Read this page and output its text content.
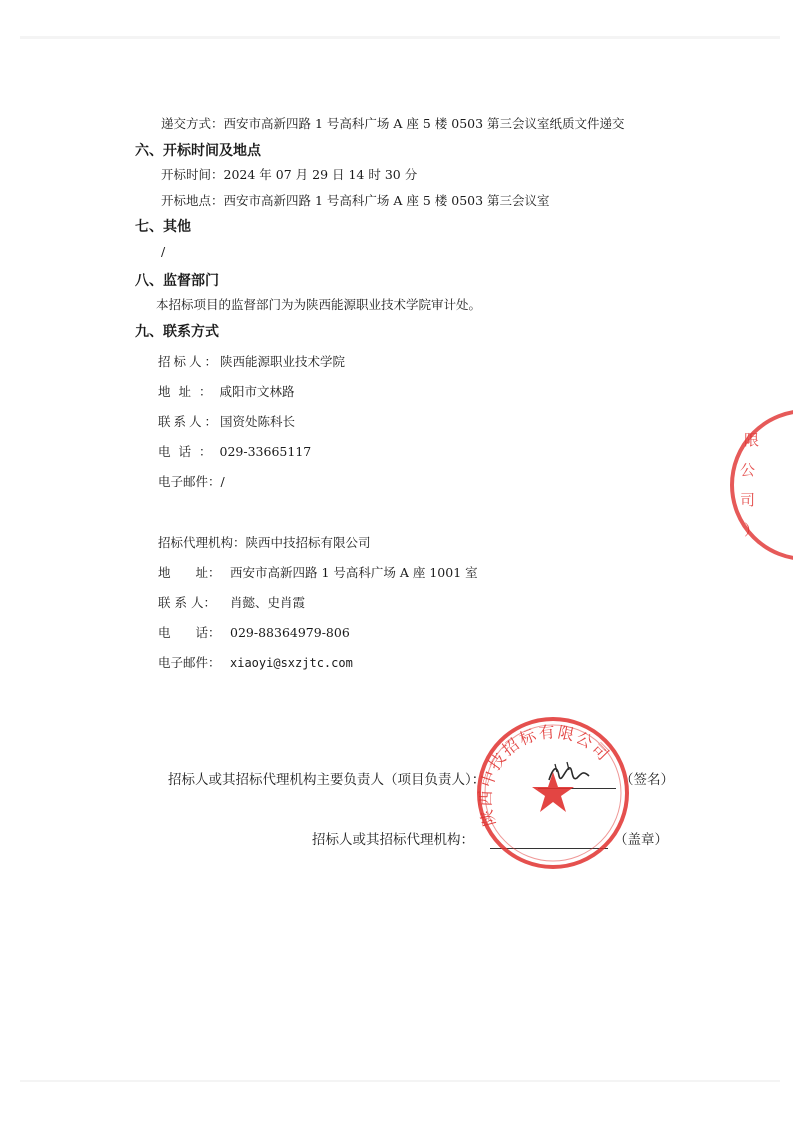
递交方式：西安市高新四路 1 号高科广场 A 座 5 楼 0503 第三会议室纸质文件递交
六、开标时间及地点
开标时间：2024 年 07 月 29 日 14 时 30 分
开标地点：西安市高新四路 1 号高科广场 A 座 5 楼 0503 第三会议室
七、其他
/
八、监督部门
本招标项目的监督部门为为陕西能源职业技术学院审计处。
九、联系方式
招标人：陕西能源职业技术学院
地址：咸阳市文林路
联系人：国资处陈科长
电话：029-33665117
电子邮件：/
招标代理机构：陕西中技招标有限公司
地　　址： 西安市高新四路 1 号高科广场 A 座 1001 室
联 系 人： 肖懿、史肖霞
电　　话： 029-88364979-806
电子邮件： xiaoyi@sxzjtc.com
招标人或其招标代理机构主要负责人（项目负责人）：	（签名）
招标人或其招标代理机构：	（盖章）
陕西中技招标有限公司
限
公
司
）
